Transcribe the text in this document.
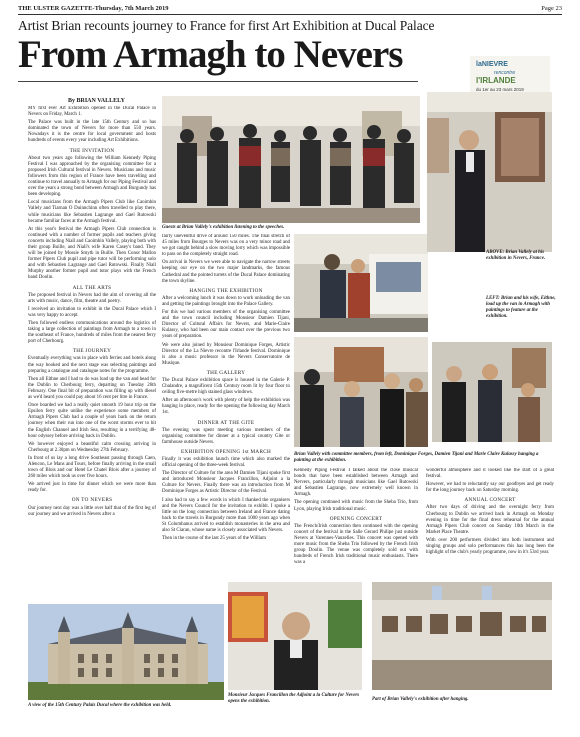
THE ULSTER GAZETTE-Thursday, 7th March 2019	Page 23
Artist Brian recounts journey to France for first Art Exhibition at Ducal Palace
From Armagh to Nevers
By BRIAN VALLELY

MY first ever Art Exhibition opened in the Ducal Palace in Nevers on Friday, March 1.

The Palace was built in the late 15th Century and so has dominated the town of Nevers for more than 550 years. Nowadays it is the centre for local government and hosts hundreds of events every year including Art Exhibitions.

THE INVITATION

About two years ago following the William Kennedy Piping Festival I was approached by the organising committee for a proposed Irish Cultural festival in Nevers. Musicians and music followers from this region of France have been travelling and continue to travel annually to Armagh for our Piping Festival and over the years a strong bond between Armagh and Burgundy has been developing.

Local musicians from the Armagh Pipers Club like Caoimhin Vallely and Tiarnan O Duinnchinn often travelled to play there, while musicians like Sebastien Lagrange and Gael Rutowski became familiar faces at the Armagh festival.

At this year's festival the Armagh Pipers Club connection is continued with a number of former pupils and teachers giving concerts including Niall and Caoimhin Vallely, playing both with their group Buille, and Niall's wife Karen Casey's band. They will be joined by Mossie Smyth in Buille. Then Conor Mallon former Pipers Club pupil and pipe tutor will be performing solo and with Sebastien Lagrange and Gael Rutowski. Finally Niall Murphy another former pupil and tutor plays with the French band Doolin.

ALL THE ARTS

The proposed festival in Nevers had the aim of covering all the arts with music, dance, film, theatre and poetry.

I received an invitation to exhibit in the Ducal Palace which I was very happy to accept.

Then followed endless communications around the logistics of taking a large collection of paintings from Armagh to a town in the southeast of France, hundreds of miles from the nearest ferry port of Cherbourg.

THE JOURNEY

Eventually everything was in place with ferries and hotels along the way booked and the next stage was selecting paintings and preparing a catalogue and catalogue notes for the programme.

Then all Eithne and I had to do was load up the van and head for the Dublin to Cherbourg ferry, departing on Tuesday 26th February. One final bit of preparation was filling up with diesel as we'd heard you could pay about 16 cent per litre in France.

Once boarded we had a really quiet smooth 19 hour trip on the Epsilon ferry quite unlike the experience some members of Armagh Pipers Club had a couple of years back on the return journey when their run into one of the worst storms ever to hit the English Channel and Irish Sea, resulting in a terrifying 48-hour odyssey before arriving back in Dublin.

We however enjoyed a beautiful calm crossing arriving in Cherbourg at 2.30pm on Wednesday 27th February.

In front of us lay a long drive Southeast passing through Caen, Alencon, Le Mans and Tours, before finally arriving in the small town of Blois and our Hotel Le Chatel Blois after a journey of 260 miles which took us over five hours.

We arrived just in time for dinner which we were more than ready for.

ON TO NEVERS

Our journey next day was a little over half that of the first leg of our journey and we arrived in Nevers after a

Guests at Brian Vallely's exhibition listening to the speeches.

fairly uneventful drive of around 150 miles. The final stretch of 45 miles from Bourges to Nevers was on a very minor road and we got caught behind a slow moving lorry which was impossible to pass on the completely straight road.

On arrival in Nevers we were able to navigate the narrow streets keeping our eye on the two major landmarks, the famous Cathedral and the pointed turrets of the Ducal Palace dominating the town skyline.

HANGING THE EXHIBITION

After a welcoming lunch it was down to work unloading the van and getting the paintings brought into the Palace Gallery.

For this we had various members of the organising committee and the town council including Monsieur Damien Tijani, Director of Cultural Affairs for Nevers, and Marie-Claire Kulassy, who had been our main contact over the previous two years of preparation.

We were also joined by Monsieur Dominique Forges, Artistic Director of the La Nievre recontre l'Irlande festival. Dominique is also a music professor in the Nevers Conservatoire de Musique.

THE GALLERY

The Ducal Palace exhibition space is housed in the Galerie P. Chalandre, a magnificent 15th Century room lit by four floor to ceiling five-metre high stained glass windows.

After an afternoon's work with plenty of help the exhibition was hanging in place, ready for the opening the following day March 1st.

DINNER AT THE GITE

The evening was spent meeting various members of the organising committee for dinner at a typical country Gite or farmhouse outside Nevers.

EXHIBITION OPENING 1st MARCH

Finally it was exhibition launch time which also marked the official opening of the three-week festival.

The Director of Culture for the area M Damien Tijani spoke first and introduced Monsieur Jacques Francillon, Adjoint a la Culture for Nevers. Finally there was an introduction from M Dominique Forges as Artistic Director of the Festival.

I also had to say a few words in which I thanked the organisers and the Nevers Council for the invitation to exhibit. I spoke a little on the long connection between Ireland and France dating back to the travels in Burgundy more than 1000 years ago when St Columbanus arrived to establish monasteries in the area and also St Ciaran, whose name is closely associated with Nevers.

Then in the course of the last 25 years of the William

laNIEVRE
rencontre
l'IRLANDE
du 1er au 23 mars 2019
ABOVE: Brian Vallely at his exhibition in Nevers, France.
LEFT: Brian and his wife, Eithne, load up the van in Armagh with paintings to feature at the exhibition.
Brian Vallely with committee members, from left, Dominique Forges, Damien Tijani and Marie Claire Kulassy hanging a painting at the exhibition.

Kennedy Piping Festival I talked about the close musical bonds that have been established between Armagh and Nervers, particularly through musicians like Gael Rutowski and Sebastien Lagrange, now extremely well known in Armagh.

The opening continued with music from the Sheba Trio, from Lyon, playing Irish traditional music.

OPENING CONCERT

The French/Irish connection then continued with the opening concert of the festival in the Salle Gerard Philipe just outside Nevers at Varennes-Vauzelles. This concert was opened with more music from the Sheba Trio followed by the French Irish group Doolin. The venue was completely sold out with hundreds of French Irish traditional music enthusiasts. There was a

wonderful atmosphere and it looked like the start of a great festival.

However, we had to reluctantly say our goodbyes and get ready for the long journey back on Saturday morning.

ANNUAL CONCERT

After two days of driving and the overnight ferry from Cherbourg to Dublin we arrived back in Armagh on Monday evening in time for the final dress rehearsal for the annual Armagh Pipers Club concert on Sunday 10th March in the Market Place Theatre.

With over 200 performers divided into both instrument and singing groups and solo performances this has long been the highlight of the club's yearly programme, now in it's 53rd year.

A view of the 15th Century Palais Ducal where the exhibition was held.
Monsieur Jacques Francillon the Adjoint a la Culture for Nevers opens the exhibition.	Part of Brian Vallely's exhibition after hanging.
